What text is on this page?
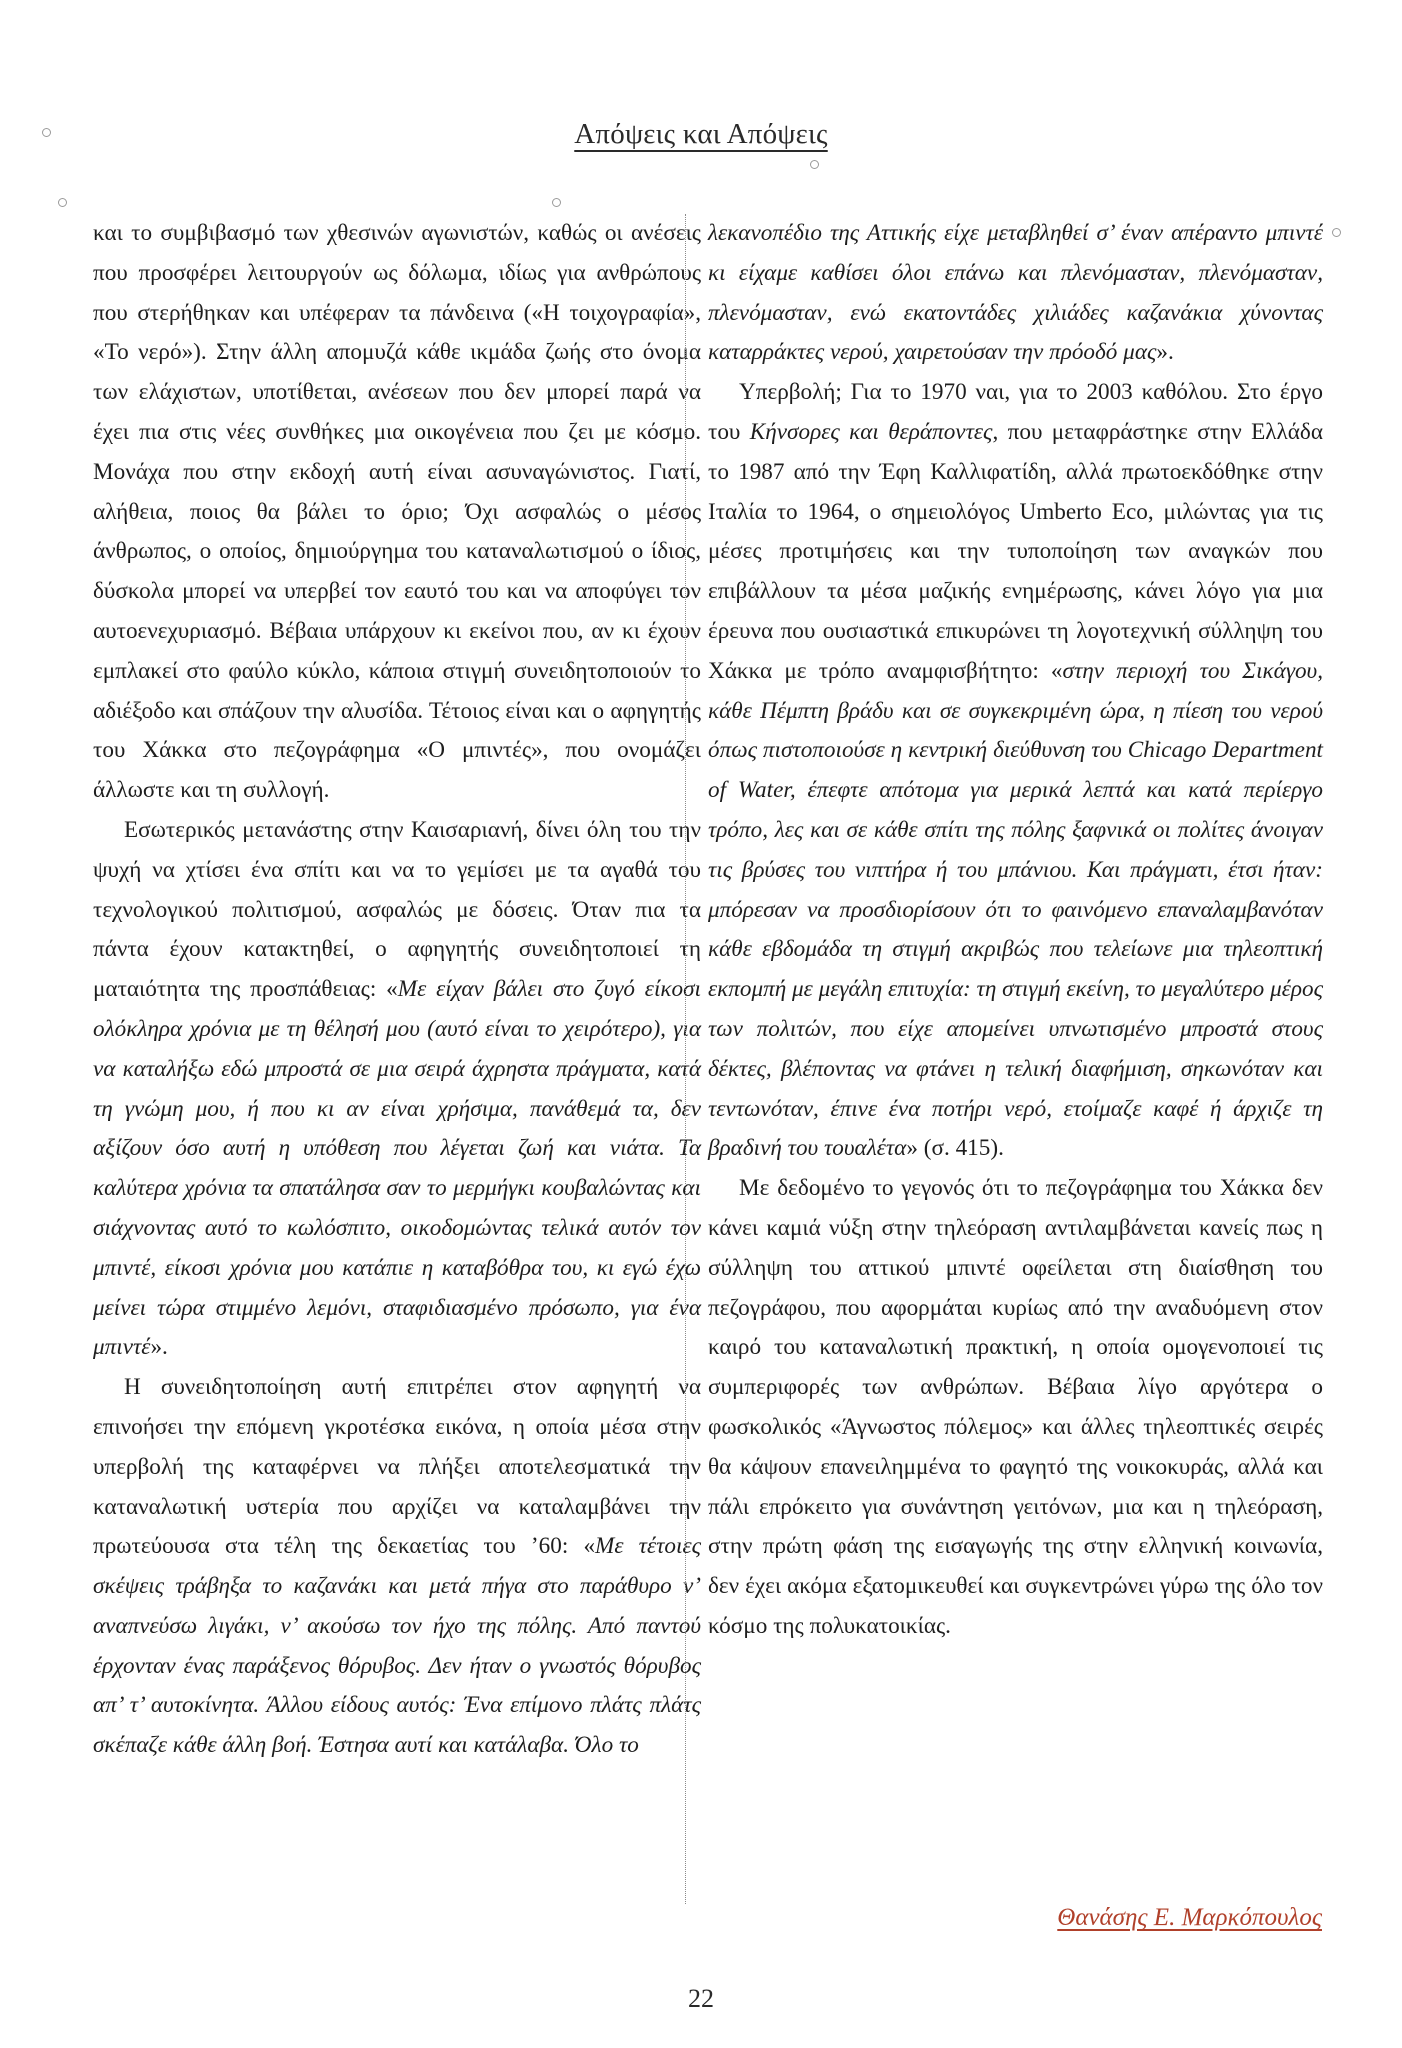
Απόψεις και Απόψεις

και το συμβιβασμό των χθεσινών αγωνιστών, καθώς οι ανέσεις που προσφέρει λειτουργούν ως δόλωμα, ιδίως για ανθρώπους που στερήθηκαν και υπέφεραν τα πάνδεινα («Η τοιχογραφία», «Το νερό»). Στην άλλη απομυζά κάθε ικμάδα ζωής στο όνομα των ελάχιστων, υποτίθεται, ανέσεων που δεν μπορεί παρά να έχει πια στις νέες συνθήκες μια οικογένεια που ζει με κόσμο. Μονάχα που στην εκδοχή αυτή είναι ασυναγώνιστος. Γιατί, αλήθεια, ποιος θα βάλει το όριο; Όχι ασφαλώς ο μέσος άνθρωπος, ο οποίος, δημιούργημα του καταναλωτισμού ο ίδιος, δύσκολα μπορεί να υπερβεί τον εαυτό του και να αποφύγει τον αυτοενεχυριασμό. Βέβαια υπάρχουν κι εκείνοι που, αν κι έχουν εμπλακεί στο φαύλο κύκλο, κάποια στιγμή συνειδητοποιούν το αδιέξοδο και σπάζουν την αλυσίδα. Τέτοιος είναι και ο αφηγητής του Χάκκα στο πεζογράφημα «Ο μπιντές», που ονομάζει άλλωστε και τη συλλογή.

Εσωτερικός μετανάστης στην Καισαριανή, δίνει όλη του την ψυχή να χτίσει ένα σπίτι και να το γεμίσει με τα αγαθά του τεχνολογικού πολιτισμού, ασφαλώς με δόσεις. Όταν πια τα πάντα έχουν κατακτηθεί, ο αφηγητής συνειδητοποιεί τη ματαιότητα της προσπάθειας: «Με είχαν βάλει στο ζυγό είκοσι ολόκληρα χρόνια με τη θέλησή μου (αυτό είναι το χειρότερο), για να καταλήξω εδώ μπροστά σε μια σειρά άχρηστα πράγματα, κατά τη γνώμη μου, ή που κι αν είναι χρήσιμα, πανάθεμά τα, δεν αξίζουν όσο αυτή η υπόθεση που λέγεται ζωή και νιάτα. Τα καλύτερα χρόνια τα σπατάλησα σαν το μερμήγκι κουβαλώντας και σιάχνοντας αυτό το κωλόσπιτο, οικοδομώντας τελικά αυτόν τον μπιντέ, είκοσι χρόνια μου κατάπιε η καταβόθρα του, κι εγώ έχω μείνει τώρα στιμμένο λεμόνι, σταφιδιασμένο πρόσωπο, για ένα μπιντέ».

Η συνειδητοποίηση αυτή επιτρέπει στον αφηγητή να επινοήσει την επόμενη γκροτέσκα εικόνα, η οποία μέσα στην υπερβολή της καταφέρνει να πλήξει αποτελεσματικά την καταναλωτική υστερία που αρχίζει να καταλαμβάνει την πρωτεύουσα στα τέλη της δεκαετίας του ’60: «Με τέτοιες σκέψεις τράβηξα το καζανάκι και μετά πήγα στο παράθυρο ν’ αναπνεύσω λιγάκι, ν’ ακούσω τον ήχο της πόλης. Από παντού έρχονταν ένας παράξενος θόρυβος. Δεν ήταν ο γνωστός θόρυβος απ’ τ’ αυτοκίνητα. Άλλου είδους αυτός: Ένα επίμονο πλάτς πλάτς σκέπαζε κάθε άλλη βοή. Έστησα αυτί και κατάλαβα. Όλο το

λεκανοπέδιο της Αττικής είχε μεταβληθεί σ’ έναν απέραντο μπιντέ κι είχαμε καθίσει όλοι επάνω και πλενόμασταν, πλενόμασταν, πλενόμασταν, ενώ εκατοντάδες χιλιάδες καζανάκια χύνοντας καταρράκτες νερού, χαιρετούσαν την πρόοδό μας».

Υπερβολή; Για το 1970 ναι, για το 2003 καθόλου. Στο έργο του Κήνσορες και θεράποντες, που μεταφράστηκε στην Ελλάδα το 1987 από την Έφη Καλλιφατίδη, αλλά πρωτοεκδόθηκε στην Ιταλία το 1964, ο σημειολόγος Umberto Eco, μιλώντας για τις μέσες προτιμήσεις και την τυποποίηση των αναγκών που επιβάλλουν τα μέσα μαζικής ενημέρωσης, κάνει λόγο για μια έρευνα που ουσιαστικά επικυρώνει τη λογοτεχνική σύλληψη του Χάκκα με τρόπο αναμφισβήτητο: «στην περιοχή του Σικάγου, κάθε Πέμπτη βράδυ και σε συγκεκριμένη ώρα, η πίεση του νερού όπως πιστοποιούσε η κεντρική διεύθυνση του Chicago Department of Water, έπεφτε απότομα για μερικά λεπτά και κατά περίεργο τρόπο, λες και σε κάθε σπίτι της πόλης ξαφνικά οι πολίτες άνοιγαν τις βρύσες του νιπτήρα ή του μπάνιου. Και πράγματι, έτσι ήταν: μπόρεσαν να προσδιορίσουν ότι το φαινόμενο επαναλαμβανόταν κάθε εβδομάδα τη στιγμή ακριβώς που τελείωνε μια τηλεοπτική εκπομπή με μεγάλη επιτυχία: τη στιγμή εκείνη, το μεγαλύτερο μέρος των πολιτών, που είχε απομείνει υπνωτισμένο μπροστά στους δέκτες, βλέποντας να φτάνει η τελική διαφήμιση, σηκωνόταν και τεντωνόταν, έπινε ένα ποτήρι νερό, ετοίμαζε καφέ ή άρχιζε τη βραδινή του τουαλέτα» (σ. 415).

Με δεδομένο το γεγονός ότι το πεζογράφημα του Χάκκα δεν κάνει καμιά νύξη στην τηλεόραση αντιλαμβάνεται κανείς πως η σύλληψη του αττικού μπιντέ οφείλεται στη διαίσθηση του πεζογράφου, που αφορμάται κυρίως από την αναδυόμενη στον καιρό του καταναλωτική πρακτική, η οποία ομογενοποιεί τις συμπεριφορές των ανθρώπων. Βέβαια λίγο αργότερα ο φωσκολικός «Άγνωστος πόλεμος» και άλλες τηλεοπτικές σειρές θα κάψουν επανειλημμένα το φαγητό της νοικοκυράς, αλλά και πάλι επρόκειτο για συνάντηση γειτόνων, μια και η τηλεόραση, στην πρώτη φάση της εισαγωγής της στην ελληνική κοινωνία, δεν έχει ακόμα εξατομικευθεί και συγκεντρώνει γύρω της όλο τον κόσμο της πολυκατοικίας.

Θανάσης Ε. Μαρκόπουλος
22
